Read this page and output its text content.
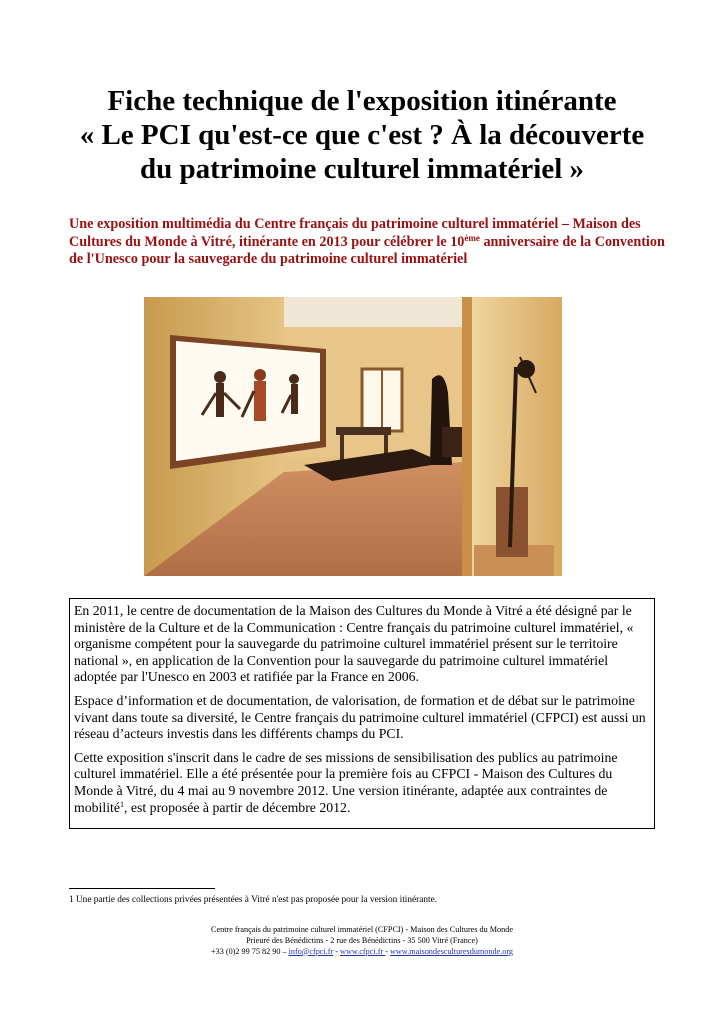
Fiche technique de l'exposition itinérante
« Le PCI qu'est-ce que c'est ? À la découverte
du patrimoine culturel immatériel »

Une exposition multimédia du Centre français du patrimoine culturel immatériel – Maison des Cultures du Monde à Vitré, itinérante en 2013 pour célébrer le 10ème anniversaire de la Convention de l'Unesco pour la sauvegarde du patrimoine culturel immatériel

En 2011, le centre de documentation de la Maison des Cultures du Monde à Vitré a été désigné par le ministère de la Culture et de la Communication : Centre français du patrimoine culturel immatériel, « organisme compétent pour la sauvegarde du patrimoine culturel immatériel présent sur le territoire national », en application de la Convention pour la sauvegarde du patrimoine culturel immatériel adoptée par l'Unesco en 2003 et ratifiée par la France en 2006.

Espace d’information et de documentation, de valorisation, de formation et de débat sur le patrimoine vivant dans toute sa diversité, le Centre français du patrimoine culturel immatériel (CFPCI) est aussi un réseau d’acteurs investis dans les différents champs du PCI.

Cette exposition s'inscrit dans le cadre de ses missions de sensibilisation des publics au patrimoine culturel immatériel. Elle a été présentée pour la première fois au CFPCI - Maison des Cultures du Monde à Vitré, du 4 mai au 9 novembre 2012. Une version itinérante, adaptée aux contraintes de mobilité$^1$, est proposée à partir de décembre 2012.

1 Une partie des collections privées présentées à Vitré n'est pas proposée pour la version itinérante.
Centre français du patrimoine culturel immatériel (CFPCI) - Maison des Cultures du Monde
Prieuré des Bénédictins - 2 rue des Bénédictins - 35 500 Vitré (France)
+33 (0)2 99 75 82 90 – info@cfpci.fr - www.cfpci.fr - www.maisondesculturesdumonde.org
